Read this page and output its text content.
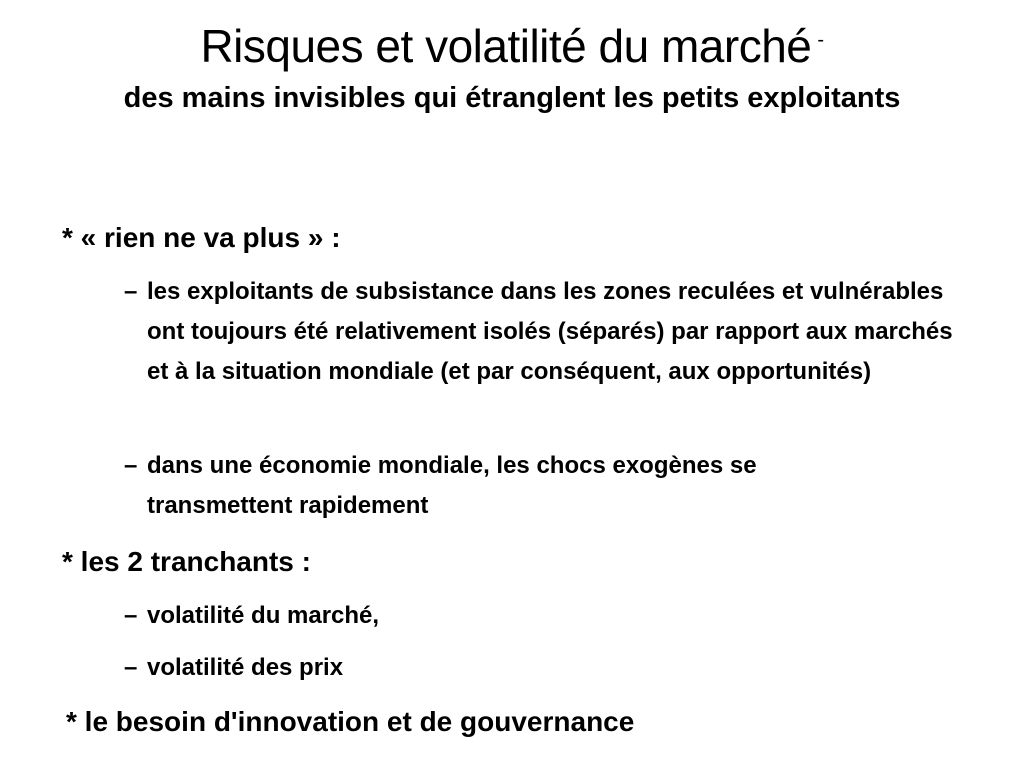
Risques et volatilité du marché -
des mains invisibles qui étranglent les petits exploitants
* « rien ne va plus » :
– les exploitants de subsistance dans les zones reculées et vulnérables ont toujours été relativement isolés (séparés) par rapport aux marchés et à la situation mondiale (et par conséquent, aux opportunités)
– dans une économie mondiale, les chocs exogènes se transmettent rapidement
* les 2 tranchants :
– volatilité du marché,
– volatilité des prix
* le besoin d'innovation et de gouvernance
